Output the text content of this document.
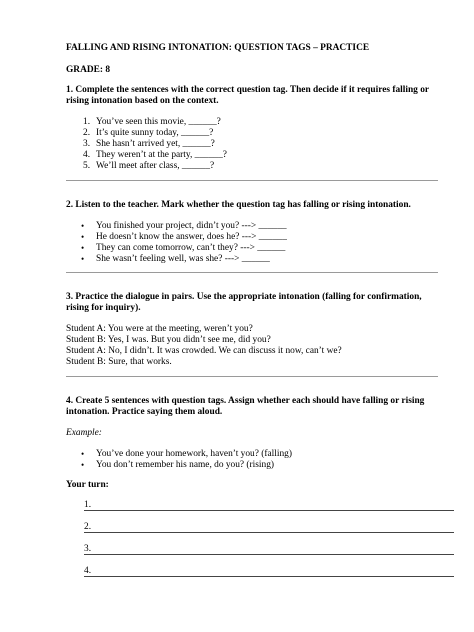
FALLING AND RISING INTONATION: QUESTION TAGS – PRACTICE
GRADE: 8
1. Complete the sentences with the correct question tag. Then decide if it requires falling or
rising intonation based on the context.
1. You’ve seen this movie, ______?
2. It’s quite sunny today, ______?
3. She hasn’t arrived yet, ______?
4. They weren’t at the party, ______?
5. We’ll meet after class, ______?
2. Listen to the teacher. Mark whether the question tag has falling or rising intonation.
• You finished your project, didn’t you? ---> ______
• He doesn’t know the answer, does he? ---> ______
• They can come tomorrow, can’t they? ---> ______
• She wasn’t feeling well, was she? ---> ______
3. Practice the dialogue in pairs. Use the appropriate intonation (falling for confirmation,
rising for inquiry).
Student A: You were at the meeting, weren’t you?
Student B: Yes, I was. But you didn’t see me, did you?
Student A: No, I didn’t. It was crowded. We can discuss it now, can’t we?
Student B: Sure, that works.
4. Create 5 sentences with question tags. Assign whether each should have falling or rising
intonation. Practice saying them aloud.
Example:
• You’ve done your homework, haven’t you? (falling)
• You don’t remember his name, do you? (rising)
Your turn:
1.
2.
3.
4.
